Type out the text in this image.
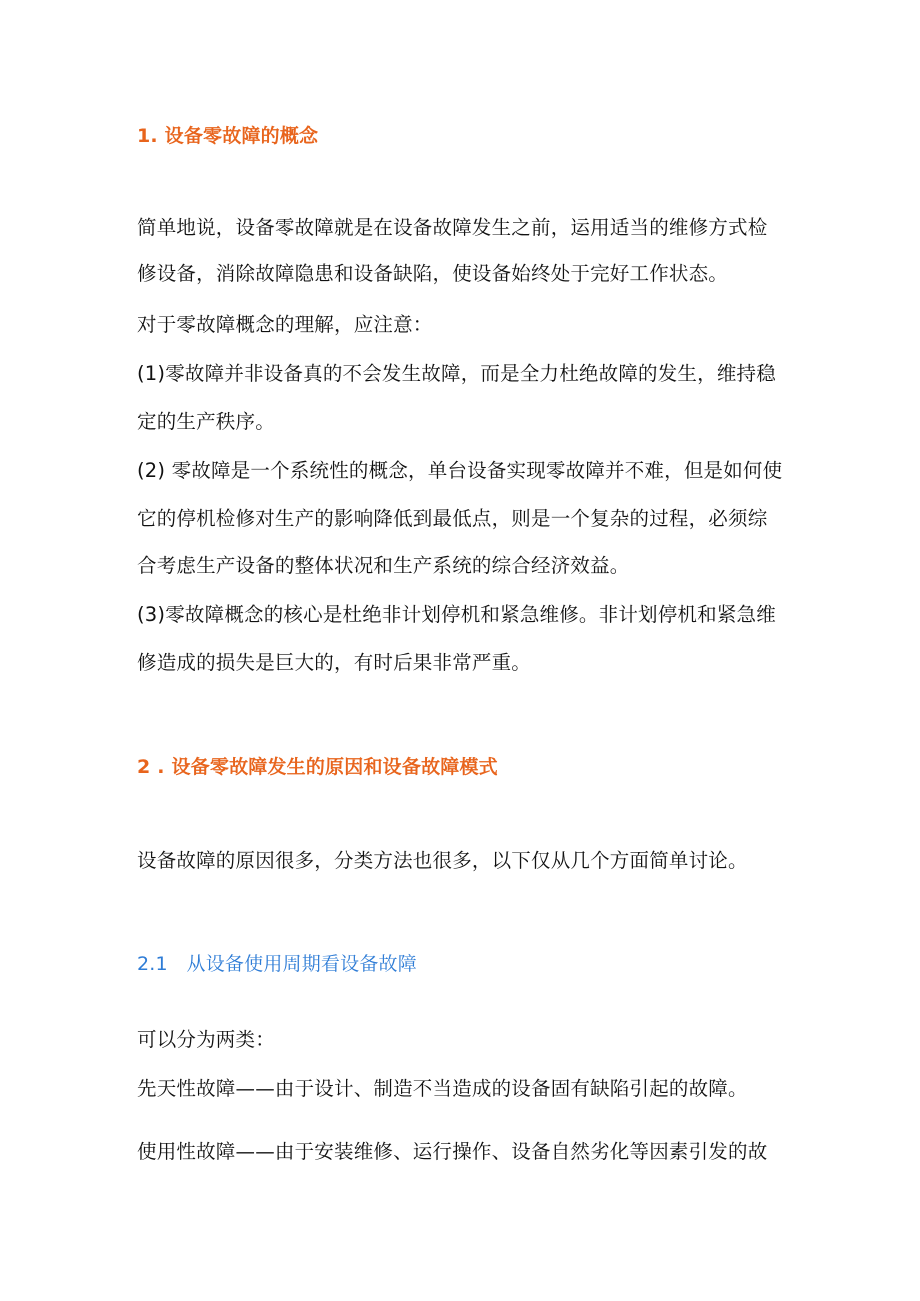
1. 设备零故障的概念
简单地说，设备零故障就是在设备故障发生之前，运用适当的维修方式检
修设备，消除故障隐患和设备缺陷，使设备始终处于完好工作状态。
对于零故障概念的理解，应注意：
(1)零故障并非设备真的不会发生故障，而是全力杜绝故障的发生，维持稳
定的生产秩序。
(2) 零故障是一个系统性的概念，单台设备实现零故障并不难，但是如何使
它的停机检修对生产的影响降低到最低点，则是一个复杂的过程，必须综
合考虑生产设备的整体状况和生产系统的综合经济效益。
(3)零故障概念的核心是杜绝非计划停机和紧急维修。非计划停机和紧急维
修造成的损失是巨大的，有时后果非常严重。
2 . 设备零故障发生的原因和设备故障模式
设备故障的原因很多，分类方法也很多，以下仅从几个方面简单讨论。
2.1   从设备使用周期看设备故障
可以分为两类：
先天性故障——由于设计、制造不当造成的设备固有缺陷引起的故障。
使用性故障——由于安装维修、运行操作、设备自然劣化等因素引发的故
